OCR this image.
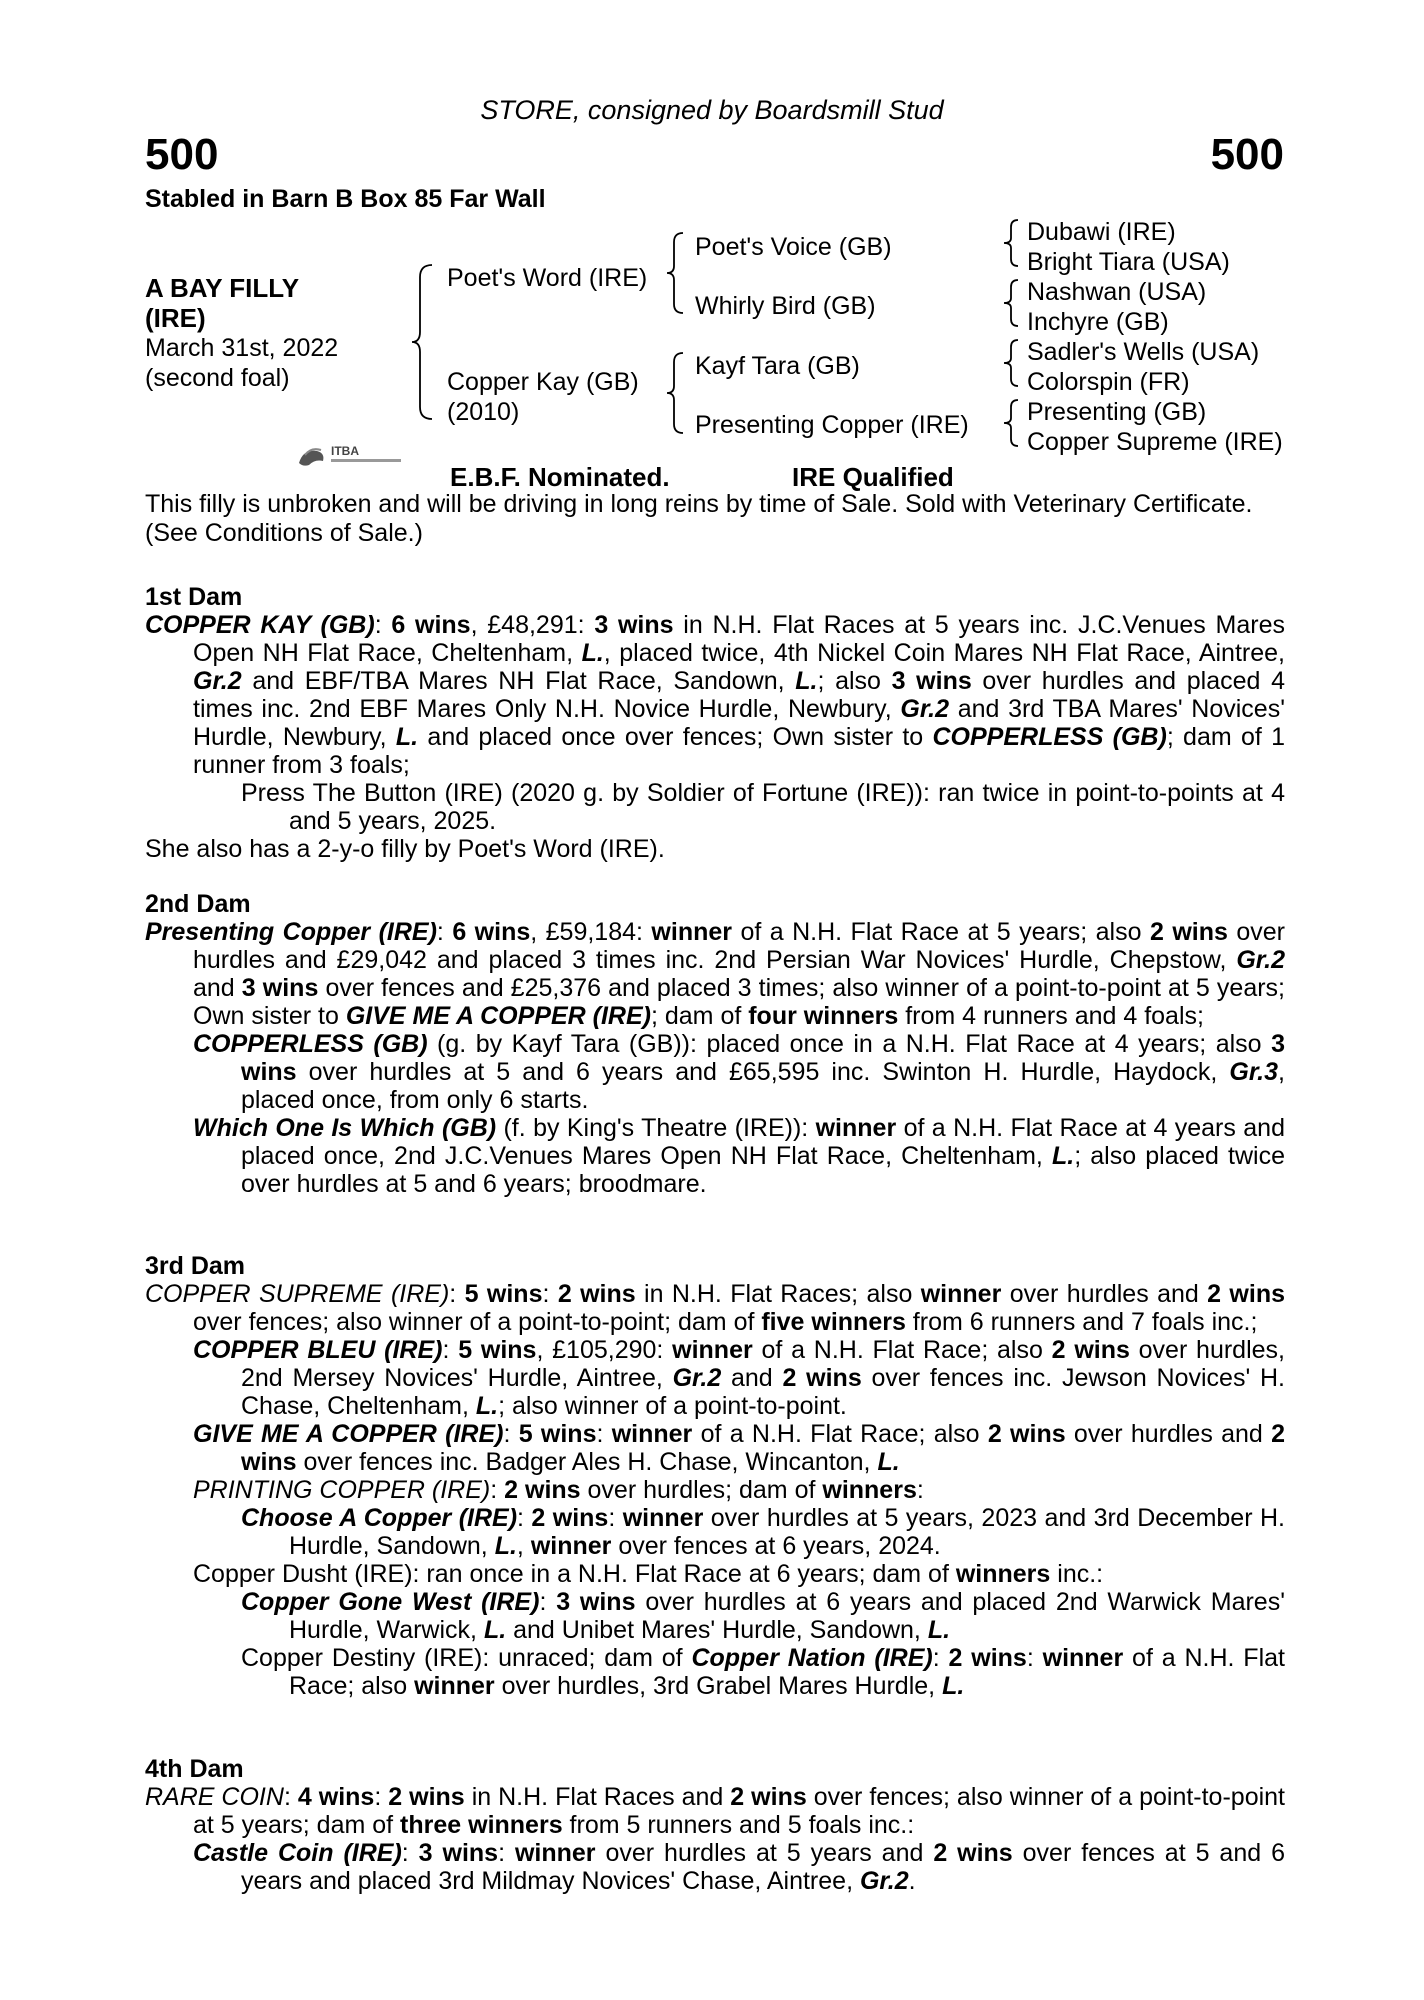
STORE, consigned by Boardsmill Stud
500	500
Stabled in Barn B Box 85 Far Wall
A BAY FILLY
(IRE)
March 31st, 2022
(second foal)
Poet's Word (IRE)
Copper Kay (GB)
(2010)
Poet's Voice (GB)
Whirly Bird (GB)
Kayf Tara (GB)
Presenting Copper (IRE)
Dubawi (IRE)
Bright Tiara (USA)
Nashwan (USA)
Inchyre (GB)
Sadler's Wells (USA)
Colorspin (FR)
Presenting (GB)
Copper Supreme (IRE)
ITBA
E.B.F. Nominated.	IRE Qualified
This filly is unbroken and will be driving in long reins by time of Sale. Sold with Veterinary Certificate. (See Conditions of Sale.)
1st Dam

COPPER KAY (GB): 6 wins, £48,291: 3 wins in N.H. Flat Races at 5 years inc. J.C.Venues Mares Open NH Flat Race, Cheltenham, L., placed twice, 4th Nickel Coin Mares NH Flat Race, Aintree, Gr.2 and EBF/TBA Mares NH Flat Race, Sandown, L.; also 3 wins over hurdles and placed 4 times inc. 2nd EBF Mares Only N.H. Novice Hurdle, Newbury, Gr.2 and 3rd TBA Mares' Novices' Hurdle, Newbury, L. and placed once over fences; Own sister to COPPERLESS (GB); dam of 1 runner from 3 foals;

Press The Button (IRE) (2020 g. by Soldier of Fortune (IRE)): ran twice in point-to-points at 4 and 5 years, 2025.

She also has a 2-y-o filly by Poet's Word (IRE).

2nd Dam

Presenting Copper (IRE): 6 wins, £59,184: winner of a N.H. Flat Race at 5 years; also 2 wins over hurdles and £29,042 and placed 3 times inc. 2nd Persian War Novices' Hurdle, Chepstow, Gr.2 and 3 wins over fences and £25,376 and placed 3 times; also winner of a point-to-point at 5 years; Own sister to GIVE ME A COPPER (IRE); dam of four winners from 4 runners and 4 foals;

COPPERLESS (GB) (g. by Kayf Tara (GB)): placed once in a N.H. Flat Race at 4 years; also 3 wins over hurdles at 5 and 6 years and £65,595 inc. Swinton H. Hurdle, Haydock, Gr.3, placed once, from only 6 starts.

Which One Is Which (GB) (f. by King's Theatre (IRE)): winner of a N.H. Flat Race at 4 years and placed once, 2nd J.C.Venues Mares Open NH Flat Race, Cheltenham, L.; also placed twice over hurdles at 5 and 6 years; broodmare.

3rd Dam

COPPER SUPREME (IRE): 5 wins: 2 wins in N.H. Flat Races; also winner over hurdles and 2 wins over fences; also winner of a point-to-point; dam of five winners from 6 runners and 7 foals inc.;

COPPER BLEU (IRE): 5 wins, £105,290: winner of a N.H. Flat Race; also 2 wins over hurdles, 2nd Mersey Novices' Hurdle, Aintree, Gr.2 and 2 wins over fences inc. Jewson Novices' H. Chase, Cheltenham, L.; also winner of a point-to-point.

GIVE ME A COPPER (IRE): 5 wins: winner of a N.H. Flat Race; also 2 wins over hurdles and 2 wins over fences inc. Badger Ales H. Chase, Wincanton, L.

PRINTING COPPER (IRE): 2 wins over hurdles; dam of winners:

Choose A Copper (IRE): 2 wins: winner over hurdles at 5 years, 2023 and 3rd December H. Hurdle, Sandown, L., winner over fences at 6 years, 2024.

Copper Dusht (IRE): ran once in a N.H. Flat Race at 6 years; dam of winners inc.:

Copper Gone West (IRE): 3 wins over hurdles at 6 years and placed 2nd Warwick Mares' Hurdle, Warwick, L. and Unibet Mares' Hurdle, Sandown, L.

Copper Destiny (IRE): unraced; dam of Copper Nation (IRE): 2 wins: winner of a N.H. Flat Race; also winner over hurdles, 3rd Grabel Mares Hurdle, L.

4th Dam

RARE COIN: 4 wins: 2 wins in N.H. Flat Races and 2 wins over fences; also winner of a point-to-point at 5 years; dam of three winners from 5 runners and 5 foals inc.:

Castle Coin (IRE): 3 wins: winner over hurdles at 5 years and 2 wins over fences at 5 and 6 years and placed 3rd Mildmay Novices' Chase, Aintree, Gr.2.
